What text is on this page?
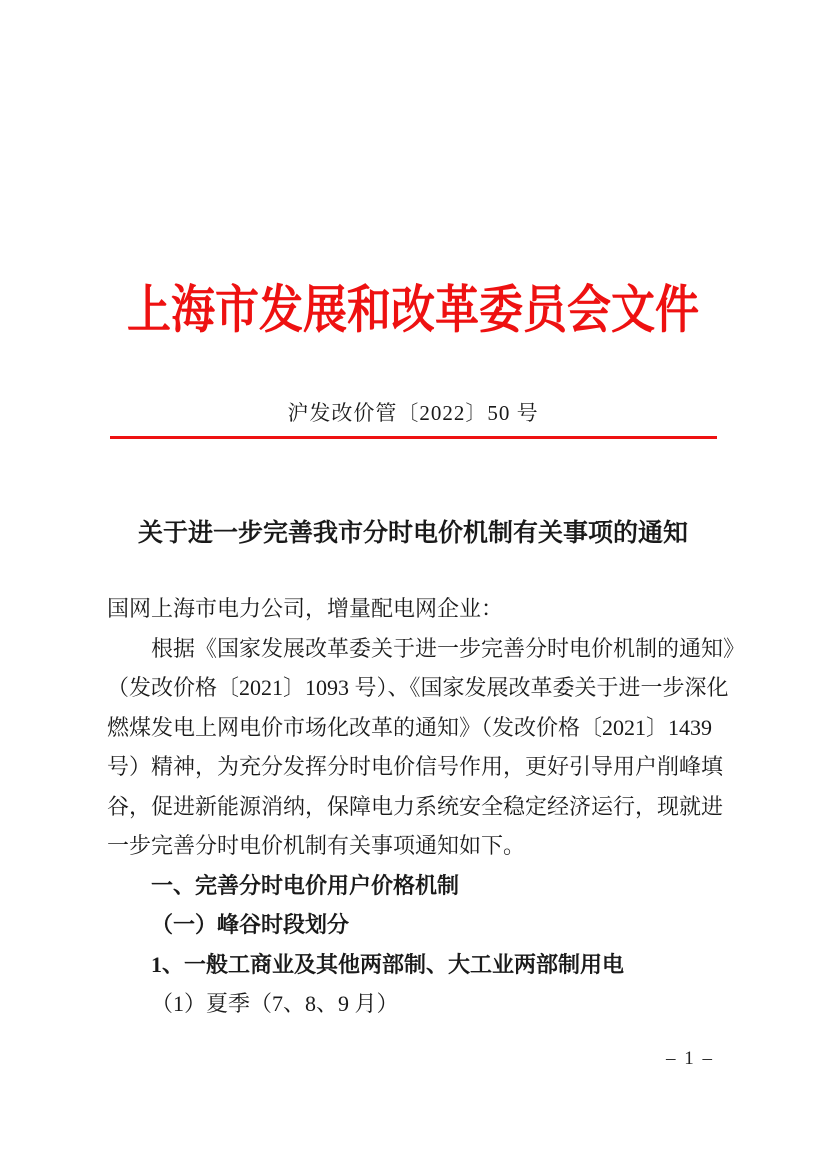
上海市发展和改革委员会文件
沪发改价管〔2022〕50 号
关于进一步完善我市分时电价机制有关事项的通知
国网上海市电力公司，增量配电网企业：
根据《国家发展改革委关于进一步完善分时电价机制的通知》
（发改价格〔2021〕1093 号）、《国家发展改革委关于进一步深化
燃煤发电上网电价市场化改革的通知》（发改价格〔2021〕1439
号）精神，为充分发挥分时电价信号作用，更好引导用户削峰填
谷，促进新能源消纳，保障电力系统安全稳定经济运行，现就进
一步完善分时电价机制有关事项通知如下。
一、完善分时电价用户价格机制
（一）峰谷时段划分
1、一般工商业及其他两部制、大工业两部制用电
（1）夏季（7、8、9 月）
– 1 –
